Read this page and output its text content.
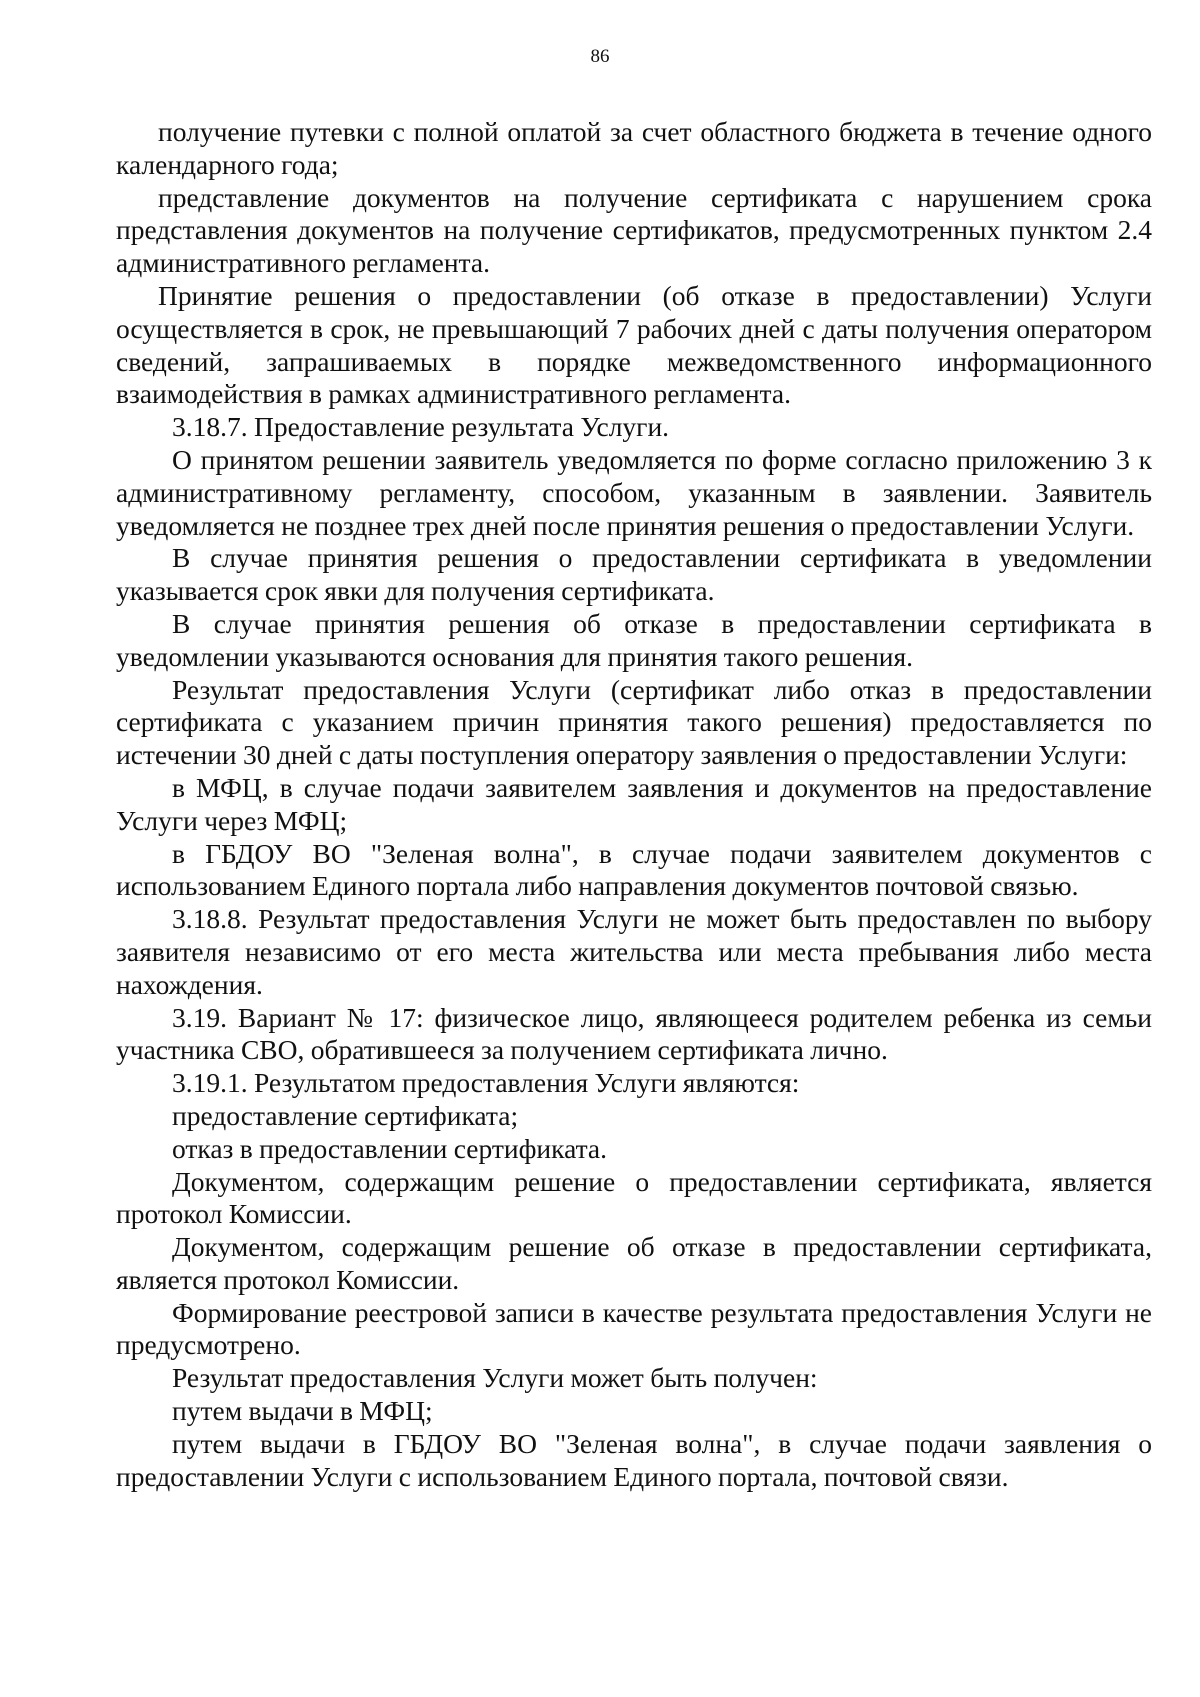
86

получение путевки с полной оплатой за счет областного бюджета в течение одного календарного года;

представление документов на получение сертификата с нарушением срока представления документов на получение сертификатов, предусмотренных пунктом 2.4 административного регламента.

Принятие решения о предоставлении (об отказе в предоставлении) Услуги осуществляется в срок, не превышающий 7 рабочих дней с даты получения оператором сведений, запрашиваемых в порядке межведомственного информационного взаимодействия в рамках административного регламента.

3.18.7. Предоставление результата Услуги.

О принятом решении заявитель уведомляется по форме согласно приложению 3 к административному регламенту, способом, указанным в заявлении. Заявитель уведомляется не позднее трех дней после принятия решения о предоставлении Услуги.

В случае принятия решения о предоставлении сертификата в уведомлении указывается срок явки для получения сертификата.

В случае принятия решения об отказе в предоставлении сертификата в уведомлении указываются основания для принятия такого решения.

Результат предоставления Услуги (сертификат либо отказ в предоставлении сертификата с указанием причин принятия такого решения) предоставляется по истечении 30 дней с даты поступления оператору заявления о предоставлении Услуги:

в МФЦ, в случае подачи заявителем заявления и документов на предоставление Услуги через МФЦ;

в ГБДОУ ВО "Зеленая волна", в случае подачи заявителем документов с использованием Единого портала либо направления документов почтовой связью.

3.18.8. Результат предоставления Услуги не может быть предоставлен по выбору заявителя независимо от его места жительства или места пребывания либо места нахождения.

3.19. Вариант № 17: физическое лицо, являющееся родителем ребенка из семьи участника СВО, обратившееся за получением сертификата лично.

3.19.1. Результатом предоставления Услуги являются:

предоставление сертификата;

отказ в предоставлении сертификата.

Документом, содержащим решение о предоставлении сертификата, является протокол Комиссии.

Документом, содержащим решение об отказе в предоставлении сертификата, является протокол Комиссии.

Формирование реестровой записи в качестве результата предоставления Услуги не предусмотрено.

Результат предоставления Услуги может быть получен:

путем выдачи в МФЦ;

путем выдачи в ГБДОУ ВО "Зеленая волна", в случае подачи заявления о предоставлении Услуги с использованием Единого портала, почтовой связи.
